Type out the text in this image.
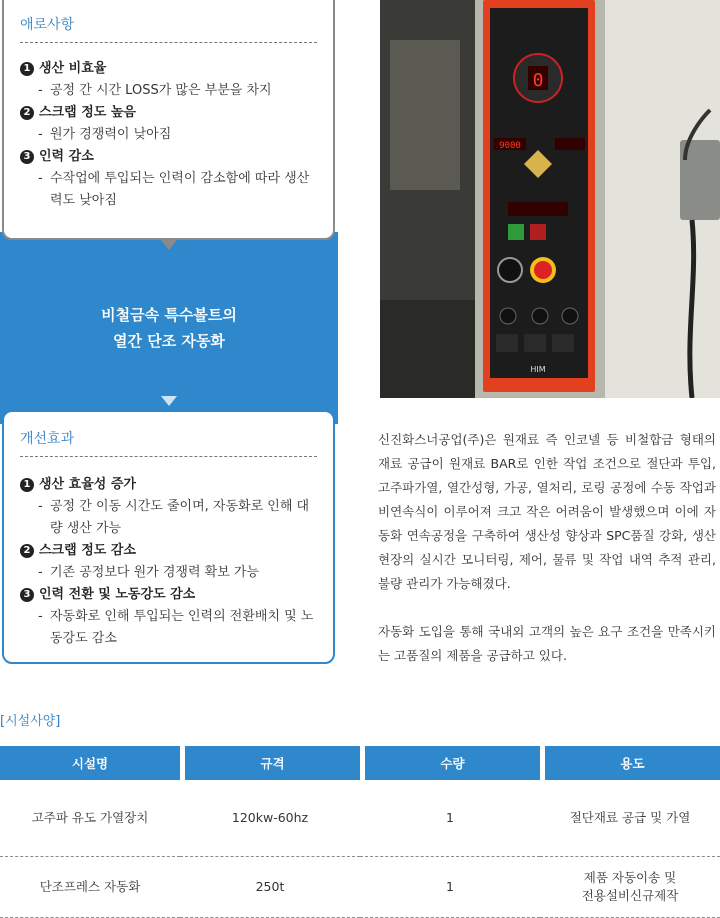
애로사항
1 생산 비효율
- 공정 간 시간 LOSS가 많은 부분을 차지
2 스크랩 정도 높음
- 원가 경쟁력이 낮아짐
3 인력 감소
- 수작업에 투입되는 인력이 감소함에 따라 생산력도 낮아짐
비철금속 특수볼트의
열간 단조 자동화
개선효과
1 생산 효율성 증가
- 공정 간 이동 시간도 줄이며, 자동화로 인해 대량 생산 가능
2 스크랩 정도 감소
- 기존 공정보다 원가 경쟁력 확보 가능
3 인력 전환 및 노동강도 감소
- 자동화로 인해 투입되는 인력의 전환배치 및 노동강도 감소
0
9000
HIM
신진화스너공업(주)은 원재료 즉 인코넬 등 비철합금 형태의 재료 공급이 원재료 BAR로 인한 작업 조건으로 절단과 투입, 고주파가열, 열간성형, 가공, 열처리, 로링 공정에 수동 작업과 비연속식이 이루어져 크고 작은 어려움이 발생했으며 이에 자동화 연속공정을 구축하여 생산성 향상과 SPC품질 강화, 생산현장의 실시간 모니터링, 제어, 물류 및 작업 내역 추적 관리, 불량 관리가 가능해졌다.
자동화 도입을 통해 국내외 고객의 높은 요구 조건을 만족시키는 고품질의 제품을 공급하고 있다.
[시설사양]
시설명	규격	수량	용도
고주파 유도 가열장치	120kw-60hz	1	절단재료 공급 및 가열
단조프레스 자동화	250t	1	제품 자동이송 및
전용설비신규제작
